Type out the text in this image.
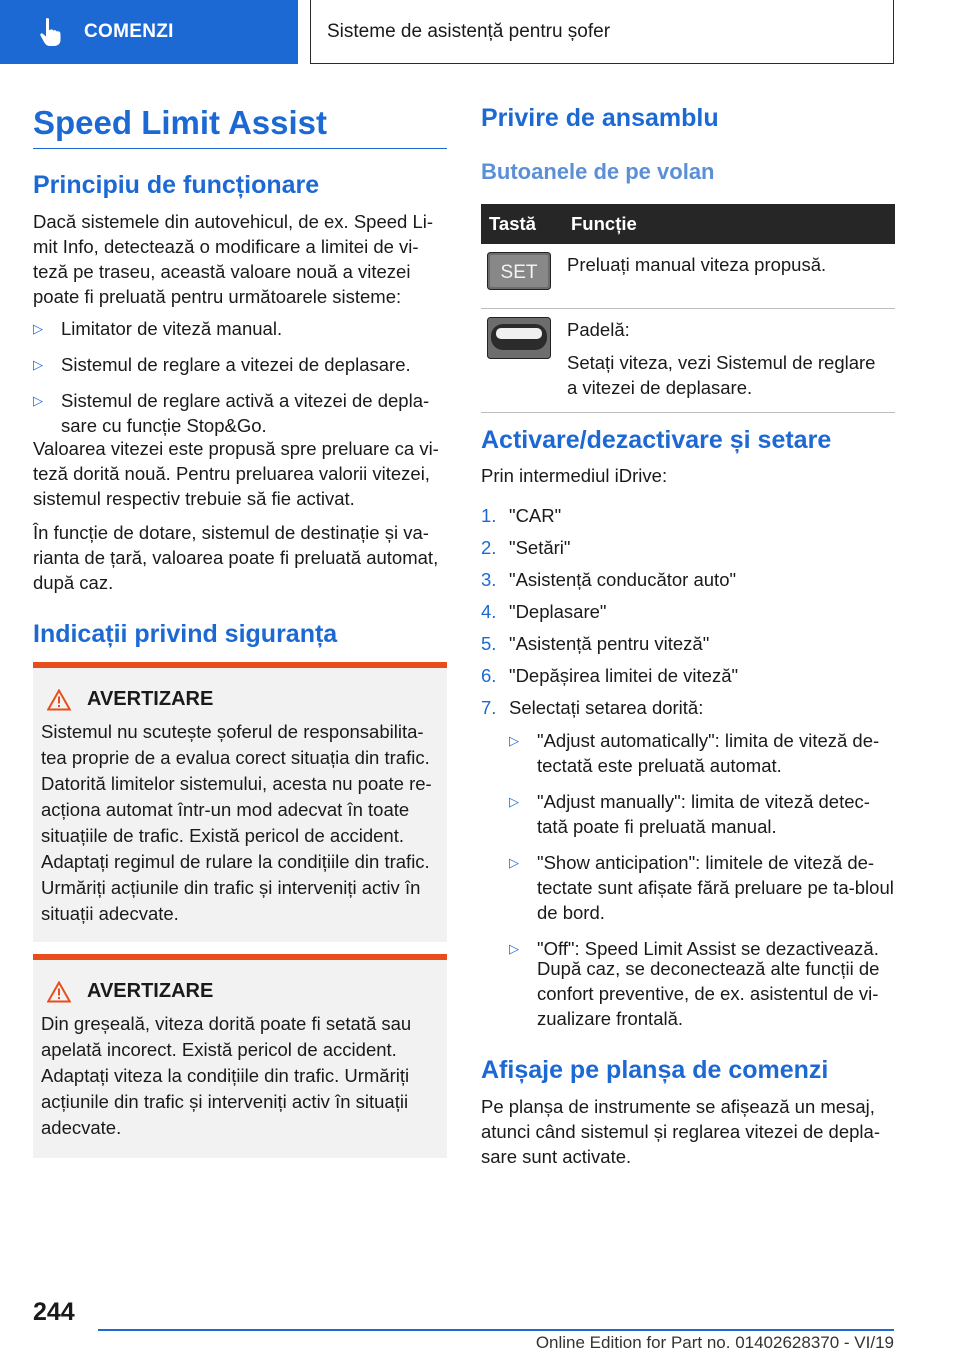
COMENZI	Sisteme de asistență pentru șofer
Speed Limit Assist
Principiu de funcționare

Dacă sistemele din autovehicul, de ex. Speed Li-mit Info, detectează o modificare a limitei de vi-teză pe traseu, această valoare nouă a vitezei poate fi preluată pentru următoarele sisteme:

▷ Limitator de viteză manual.
▷ Sistemul de reglare a vitezei de deplasare.
▷ Sistemul de reglare activă a vitezei de depla-sare cu funcție Stop&Go.

Valoarea vitezei este propusă spre preluare ca vi-teză dorită nouă. Pentru preluarea valorii vitezei, sistemul respectiv trebuie să fie activat.

În funcție de dotare, sistemul de destinație și va-rianta de țară, valoarea poate fi preluată automat, după caz.

Indicații privind siguranța
AVERTIZARE

Sistemul nu scutește șoferul de responsabilita-tea proprie de a evalua corect situația din trafic. Datorită limitelor sistemului, acesta nu poate re-acționa automat într-un mod adecvat în toate situațiile de trafic. Există pericol de accident. Adaptați regimul de rulare la condițiile din trafic. Urmăriți acțiunile din trafic și interveniți activ în situații adecvate.

AVERTIZARE

Din greșeală, viteza dorită poate fi setată sau apelată incorect. Există pericol de accident. Adaptați viteza la condițiile din trafic. Urmăriți acțiunile din trafic și interveniți activ în situații adecvate.

Privire de ansamblu
Butoanele de pe volan
Tastă	Funcție

SET	Preluați manual viteza propusă.

Padelă:
Setați viteza, vezi Sistemul de reglare a vitezei de deplasare.
Activare/dezactivare și setare

Prin intermediul iDrive:

1. "CAR"
2. "Setări"
3. "Asistență conducător auto"
4. "Deplasare"
5. "Asistență pentru viteză"
6. "Depășirea limitei de viteză"
7. Selectați setarea dorită:
▷ "Adjust automatically": limita de viteză de-tectată este preluată automat.
▷ "Adjust manually": limita de viteză detec-tată poate fi preluată manual.
▷ "Show anticipation": limitele de viteză de-tectate sunt afișate fără preluare pe ta-bloul de bord.
▷ "Off": Speed Limit Assist se dezactivează.

După caz, se deconectează alte funcții de confort preventive, de ex. asistentul de vi-zualizare frontală.

Afișaje pe planșa de comenzi

Pe planșa de instrumente se afișează un mesaj, atunci când sistemul și reglarea vitezei de depla-sare sunt activate.

244
Online Edition for Part no. 01402628370 - VI/19
